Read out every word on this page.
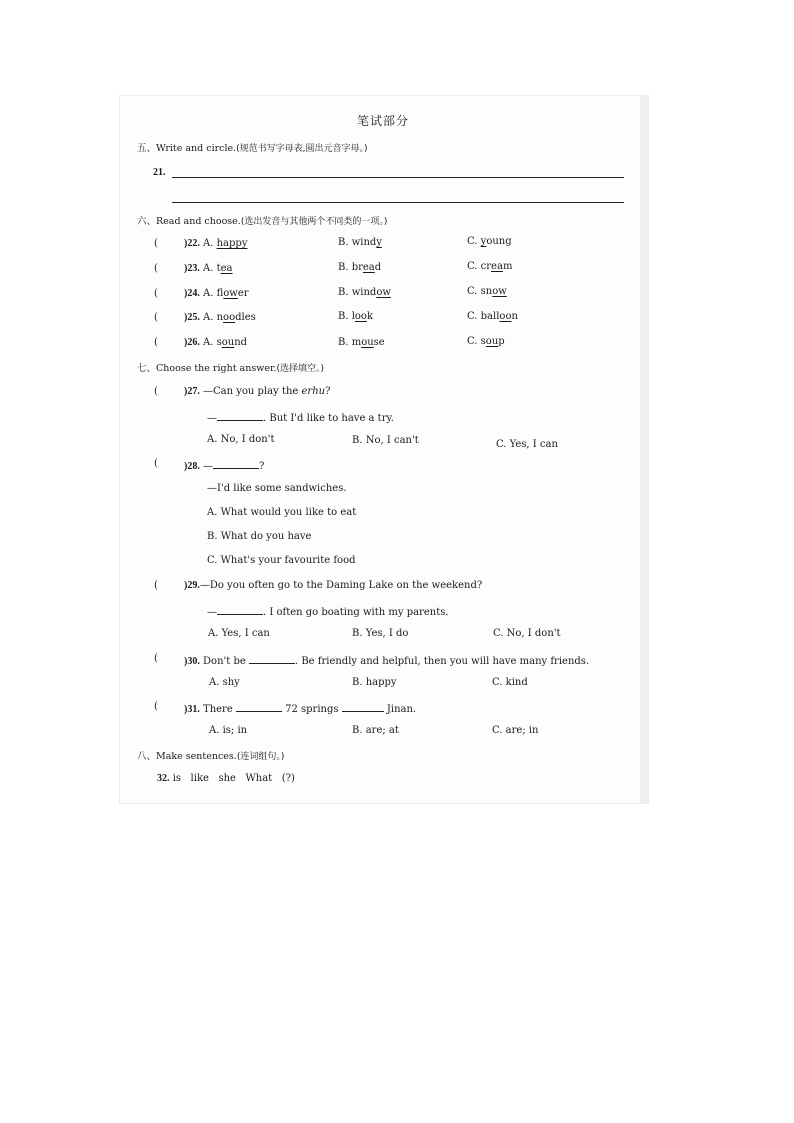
笔试部分
五、Write and circle.(规范书写字母表,圆出元音字母。)
21.
六、Read and choose.(选出发音与其他两个不同类的一项。)
(	)22. A. happy	B. windy	C. young
(	)23. A. tea	B. bread	C. cream
(	)24. A. flower	B. window	C. snow
(	)25. A. noodles	B. look	C. balloon
(	)26. A. sound	B. mouse	C. soup
七、Choose the right answer.(选择填空。)
(	)27. —Can you play the erhu?
—	. But I'd like to have a try.
A. No, I don't	B. No, I can't	C. Yes, I can
(	)28. —	?
—I'd like some sandwiches.
A. What would you like to eat
B. What do you have
C. What's your favourite food
(	)29.—Do you often go to the Daming Lake on the weekend?
—	. I often go boating with my parents.
A. Yes, I can	B. Yes, I do	C. No, I don't
(	)30. Don't be	. Be friendly and helpful, then you will have many friends.
A. shy	B. happy	C. kind
(	)31. There	72 springs	Jinan.
A. is; in	B. are; at	C. are; in
八、Make sentences.(连词组句。)
32. is   like   she   What   (?)
